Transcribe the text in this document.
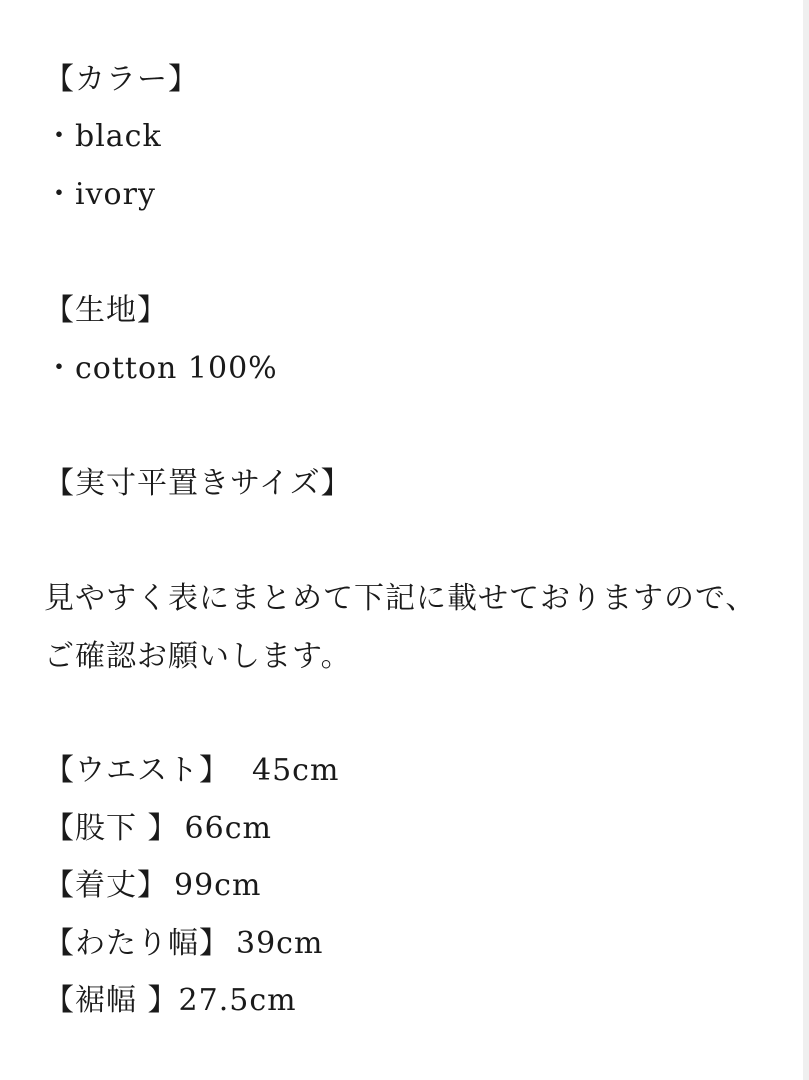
【カラー】
・black
・ivory
【生地】
・cotton 100%
【実寸平置きサイズ】
見やすく表にまとめて下記に載せておりますので、
ご確認お願いします。
【ウエスト】 45cm
【股下 】 66cm
【着丈】 99cm
【わたり幅】 39cm
【裾幅 】27.5cm
